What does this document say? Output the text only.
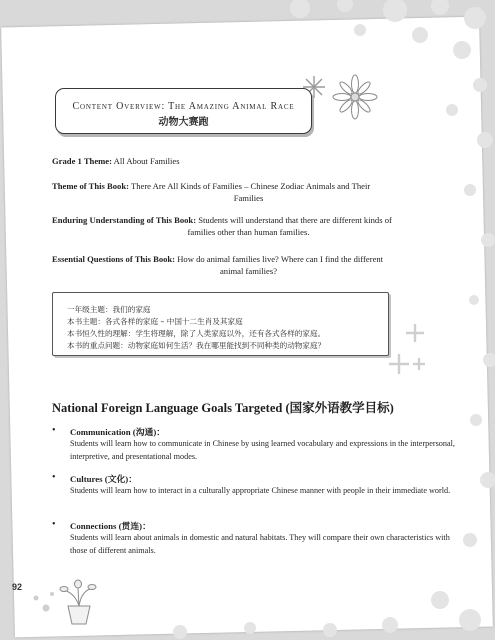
Content Overview: The Amazing Animal Race
动物大赛跑
Grade 1 Theme: All About Families
Theme of This Book: There Are All Kinds of Families – Chinese Zodiac Animals and Their
Families
Enduring Understanding of This Book: Students will understand that there are different kinds of
families other than human families.
Essential Questions of This Book: How do animal families live? Where can I find the different
animal families?
一年级主题：我们的家庭
本书主题：各式各样的家庭 – 中国十二生肖及其家庭
本书恒久性的理解：学生将理解，除了人类家庭以外，还有各式各样的家庭。
本书的重点问题：动物家庭如何生活？我在哪里能找到不同种类的动物家庭？
National Foreign Language Goals Targeted (国家外语教学目标)
• Communication (沟通)：
Students will learn how to communicate in Chinese by using learned vocabulary and expressions in the interpersonal, interpretive, and presentational modes.
• Cultures (文化)：
Students will learn how to interact in a culturally appropriate Chinese manner with people in their immediate world.
• Connections (贯连)：
Students will learn about animals in domestic and natural habitats. They will compare their own characteristics with those of different animals.
92
